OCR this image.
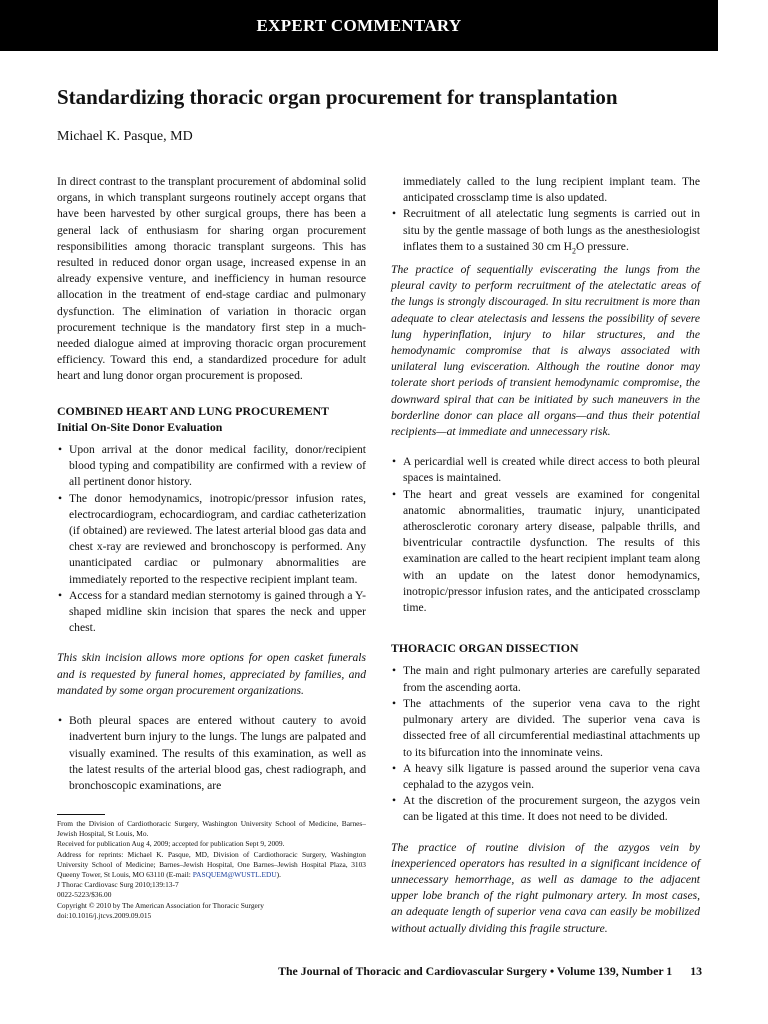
EXPERT COMMENTARY
Standardizing thoracic organ procurement for transplantation
Michael K. Pasque, MD

In direct contrast to the transplant procurement of abdominal solid organs, in which transplant surgeons routinely accept organs that have been harvested by other surgical groups, there has been a general lack of enthusiasm for sharing organ procurement responsibilities among thoracic transplant surgeons. This has resulted in reduced donor organ usage, increased expense in an already expensive venture, and inefficiency in human resource allocation in the treatment of end-stage cardiac and pulmonary dysfunction. The elimination of variation in thoracic organ procurement technique is the mandatory first step in a much-needed dialogue aimed at improving thoracic organ procurement efficiency. Toward this end, a standardized procedure for adult heart and lung donor organ procurement is proposed.

COMBINED HEART AND LUNG PROCUREMENT
Initial On-Site Donor Evaluation
• Upon arrival at the donor medical facility, donor/recipient blood typing and compatibility are confirmed with a review of all pertinent donor history.
• The donor hemodynamics, inotropic/pressor infusion rates, electrocardiogram, echocardiogram, and cardiac catheterization (if obtained) are reviewed. The latest arterial blood gas data and chest x-ray are reviewed and bronchoscopy is performed. Any unanticipated cardiac or pulmonary abnormalities are immediately reported to the respective recipient implant team.
• Access for a standard median sternotomy is gained through a Y-shaped midline skin incision that spares the neck and upper chest.

This skin incision allows more options for open casket funerals and is requested by funeral homes, appreciated by families, and mandated by some organ procurement organizations.

• Both pleural spaces are entered without cautery to avoid inadvertent burn injury to the lungs. The lungs are palpated and visually examined. The results of this examination, as well as the latest results of the arterial blood gas, chest radiograph, and bronchoscopic examinations, are

From the Division of Cardiothoracic Surgery, Washington University School of Medicine, Barnes–Jewish Hospital, St Louis, Mo.

Received for publication Aug 4, 2009; accepted for publication Sept 9, 2009.

Address for reprints: Michael K. Pasque, MD, Division of Cardiothoracic Surgery, Washington University School of Medicine; Barnes–Jewish Hospital, One Barnes–Jewish Hospital Plaza, 3103 Queeny Tower, St Louis, MO 63110 (E-mail: PASQUEM@WUSTL.EDU).

J Thorac Cardiovasc Surg 2010;139:13-7

0022-5223/$36.00

Copyright © 2010 by The American Association for Thoracic Surgery

doi:10.1016/j.jtcvs.2009.09.015

immediately called to the lung recipient implant team. The anticipated crossclamp time is also updated.

• Recruitment of all atelectatic lung segments is carried out in situ by the gentle massage of both lungs as the anesthesiologist inflates them to a sustained 30 cm $H_2O$ pressure.

The practice of sequentially eviscerating the lungs from the pleural cavity to perform recruitment of the atelectatic areas of the lungs is strongly discouraged. In situ recruitment is more than adequate to clear atelectasis and lessens the possibility of severe lung hyperinflation, injury to hilar structures, and the hemodynamic compromise that is always associated with unilateral lung evisceration. Although the routine donor may tolerate short periods of transient hemodynamic compromise, the downward spiral that can be initiated by such maneuvers in the borderline donor can place all organs—and thus their potential recipients—at immediate and unnecessary risk.

• A pericardial well is created while direct access to both pleural spaces is maintained.
• The heart and great vessels are examined for congenital anatomic abnormalities, traumatic injury, unanticipated atherosclerotic coronary artery disease, palpable thrills, and biventricular contractile dysfunction. The results of this examination are called to the heart recipient implant team along with an update on the latest donor hemodynamics, inotropic/pressor infusion rates, and the anticipated crossclamp time.
THORACIC ORGAN DISSECTION
• The main and right pulmonary arteries are carefully separated from the ascending aorta.
• The attachments of the superior vena cava to the right pulmonary artery are divided. The superior vena cava is dissected free of all circumferential mediastinal attachments up to its bifurcation into the innominate veins.
• A heavy silk ligature is passed around the superior vena cava cephalad to the azygos vein.
• At the discretion of the procurement surgeon, the azygos vein can be ligated at this time. It does not need to be divided.

The practice of routine division of the azygos vein by inexperienced operators has resulted in a significant incidence of unnecessary hemorrhage, as well as damage to the adjacent upper lobe branch of the right pulmonary artery. In most cases, an adequate length of superior vena cava can easily be mobilized without actually dividing this fragile structure.

The Journal of Thoracic and Cardiovascular Surgery • Volume 139, Number 1 13
